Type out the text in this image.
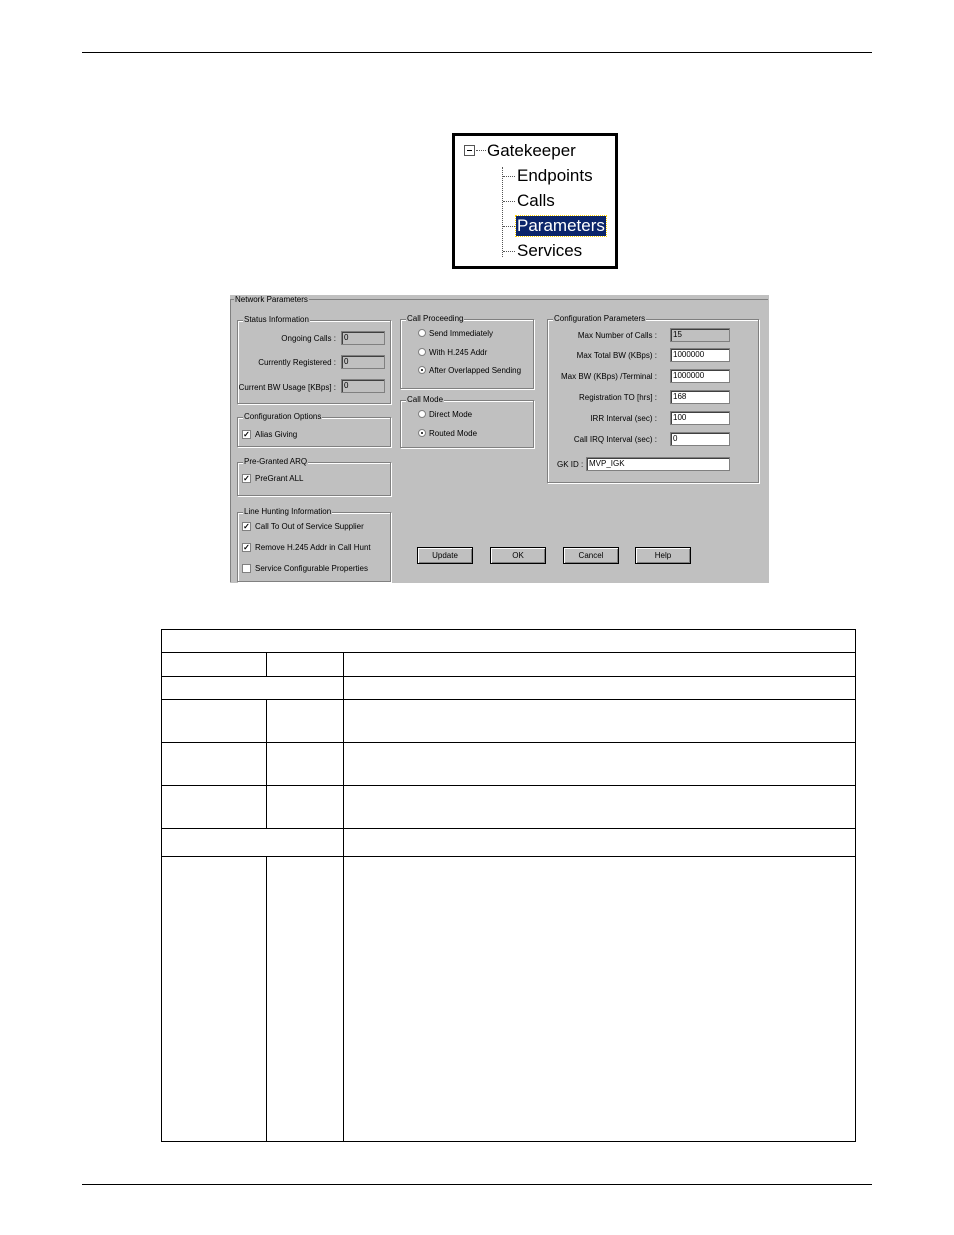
Gatekeeper
Endpoints
Calls
Parameters
Services
Network Parameters
Status Information
Ongoing Calls :	0
Currently Registered :	0
Current BW Usage [KBps] :	0
Configuration Options
✓ Alias Giving
Pre-Granted ARQ
✓ PreGrant ALL
Line Hunting Information
✓ Call To Out of Service Supplier
✓ Remove H.245 Addr in Call Hunt
Service Configurable Properties
Call Proceeding
Send Immediately
With H.245 Addr
After Overlapped Sending
Call Mode
Direct Mode
Routed Mode
Configuration Parameters
Max Number of Calls :	15
Max Total BW (KBps) :	1000000
Max BW (KBps) /Terminal :	1000000
Registration TO [hrs] :	168
IRR Interval (sec) :	100
Call IRQ Interval (sec) :	0
GK ID : MVP_IGK
Update	OK	Cancel	Help
